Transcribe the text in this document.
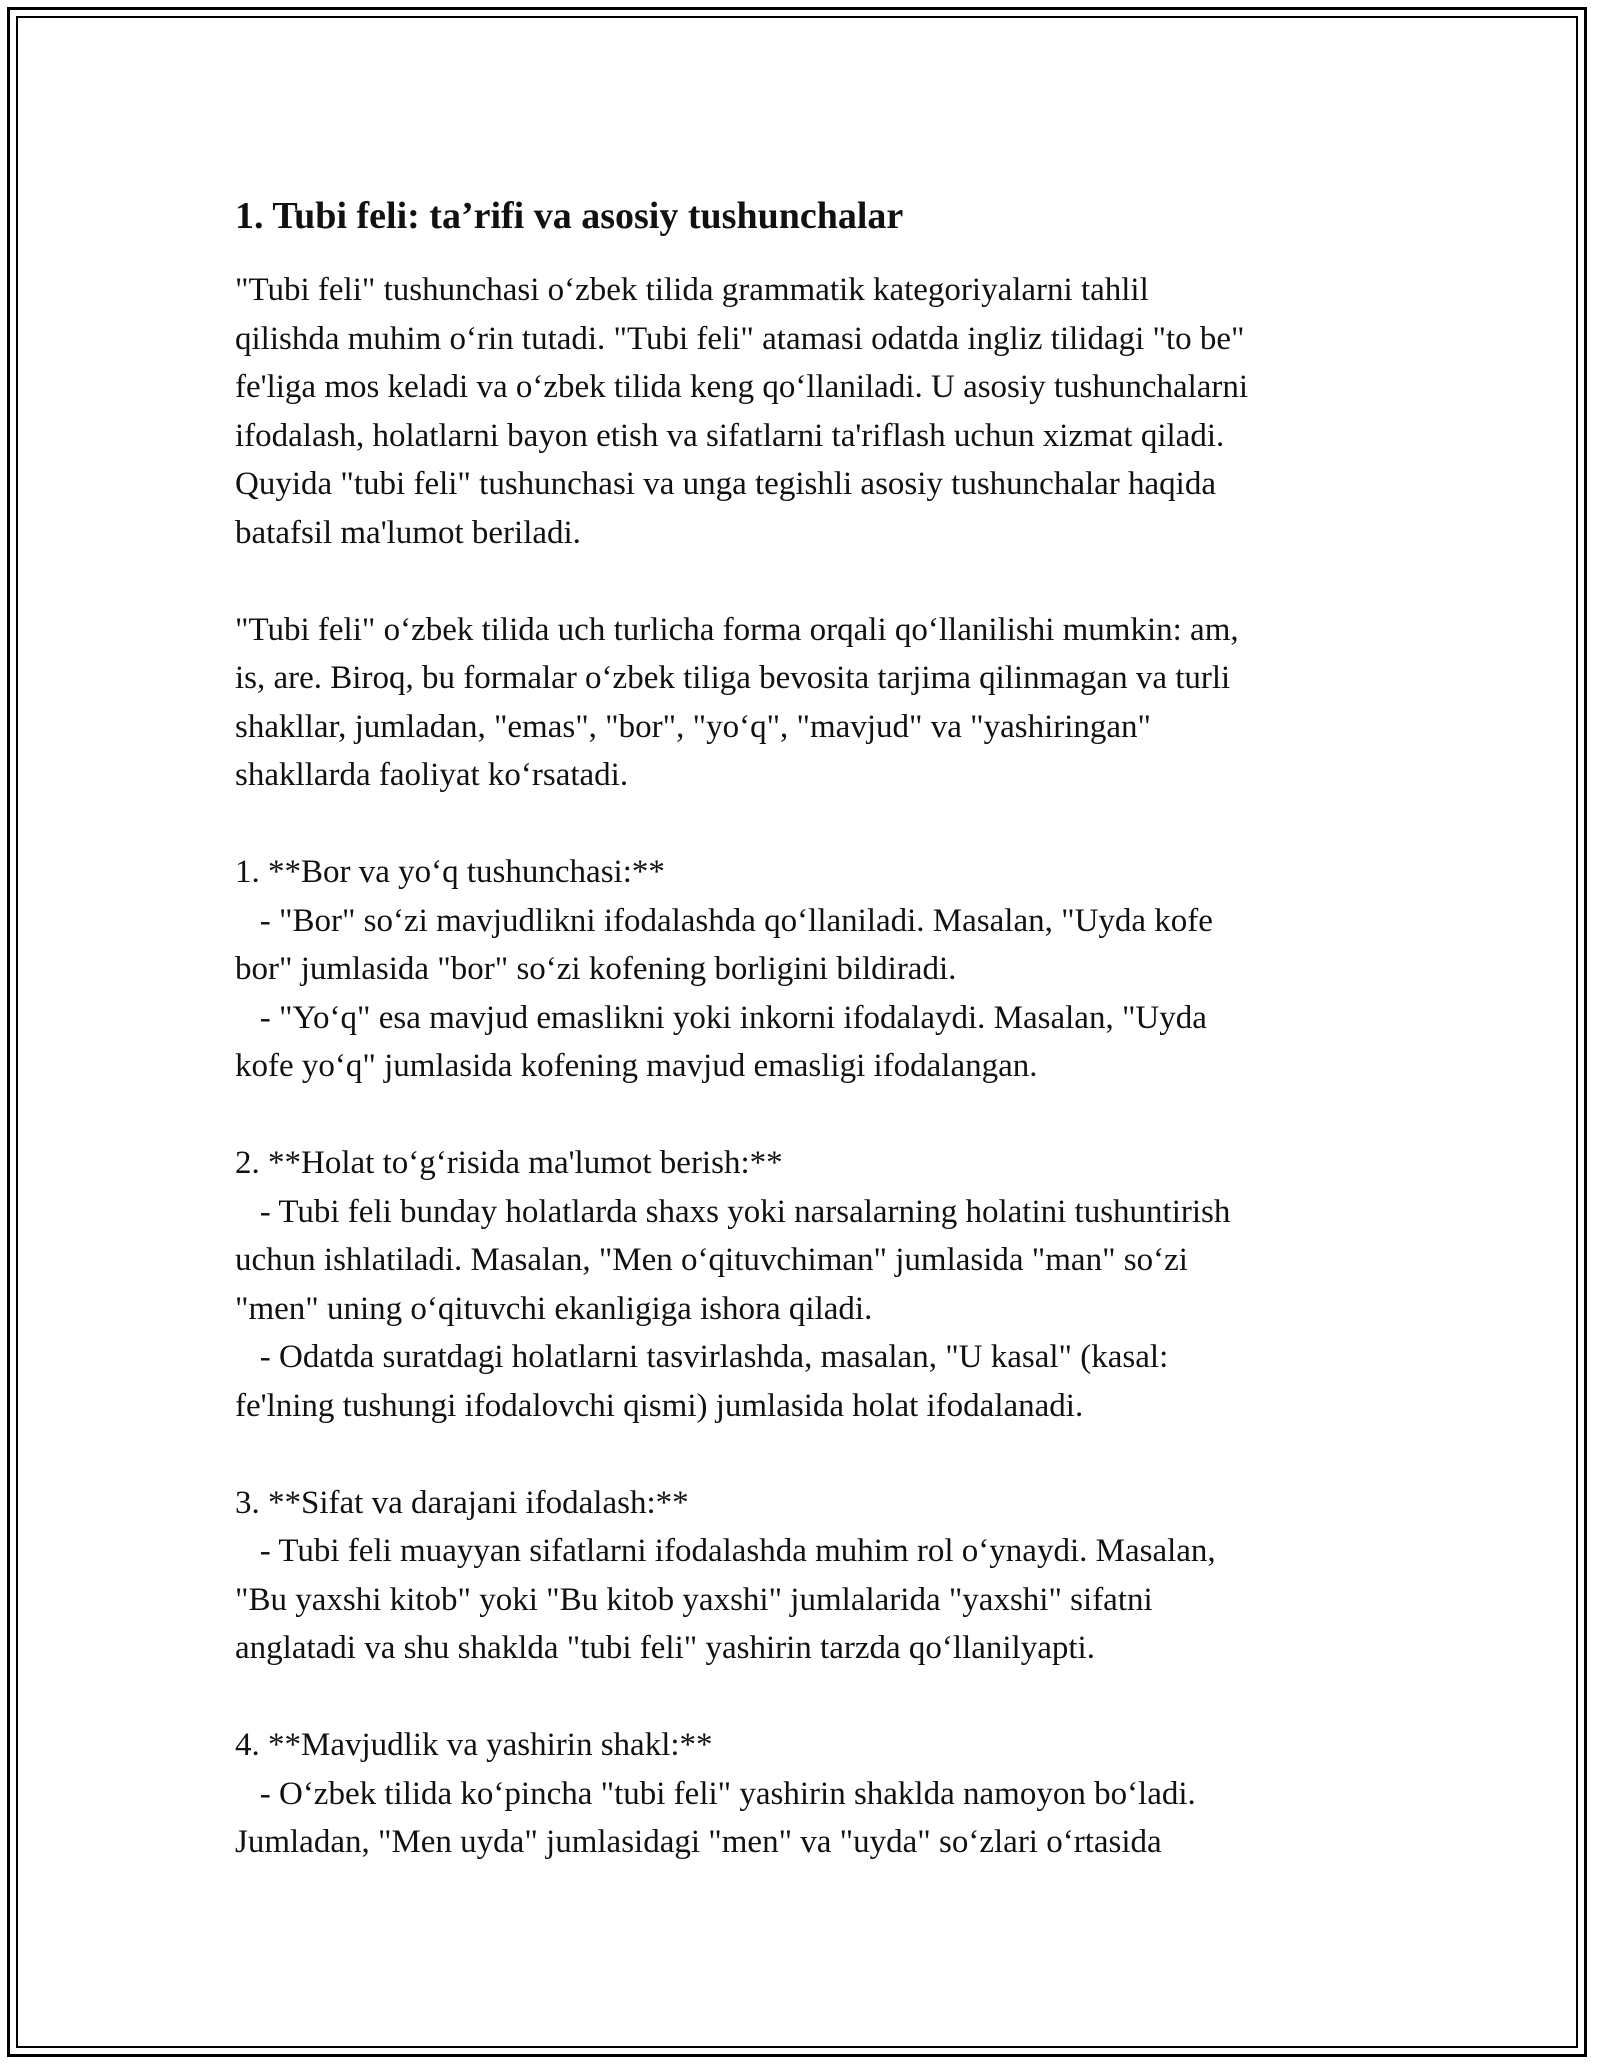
1. Tubi feli: ta’rifi va asosiy tushunchalar

"Tubi feli" tushunchasi oʻzbek tilida grammatik kategoriyalarni tahlil

qilishda muhim oʻrin tutadi. "Tubi feli" atamasi odatda ingliz tilidagi "to be"

fe'liga mos keladi va oʻzbek tilida keng qoʻllaniladi. U asosiy tushunchalarni

ifodalash, holatlarni bayon etish va sifatlarni ta'riflash uchun xizmat qiladi.

Quyida "tubi feli" tushunchasi va unga tegishli asosiy tushunchalar haqida

batafsil ma'lumot beriladi.

"Tubi feli" oʻzbek tilida uch turlicha forma orqali qoʻllanilishi mumkin: am,

is, are. Biroq, bu formalar oʻzbek tiliga bevosita tarjima qilinmagan va turli

shakllar, jumladan, "emas", "bor", "yoʻq", "mavjud" va "yashiringan"

shakllarda faoliyat koʻrsatadi.

1. **Bor va yoʻq tushunchasi:**

- "Bor" soʻzi mavjudlikni ifodalashda qoʻllaniladi. Masalan, "Uyda kofe

bor" jumlasida "bor" soʻzi kofening borligini bildiradi.

- "Yoʻq" esa mavjud emaslikni yoki inkorni ifodalaydi. Masalan, "Uyda

kofe yoʻq" jumlasida kofening mavjud emasligi ifodalangan.

2. **Holat toʻgʻrisida ma'lumot berish:**

- Tubi feli bunday holatlarda shaxs yoki narsalarning holatini tushuntirish

uchun ishlatiladi. Masalan, "Men oʻqituvchiman" jumlasida "man" soʻzi

"men" uning oʻqituvchi ekanligiga ishora qiladi.

- Odatda suratdagi holatlarni tasvirlashda, masalan, "U kasal" (kasal:

fe'lning tushungi ifodalovchi qismi) jumlasida holat ifodalanadi.

3. **Sifat va darajani ifodalash:**

- Tubi feli muayyan sifatlarni ifodalashda muhim rol oʻynaydi. Masalan,

"Bu yaxshi kitob" yoki "Bu kitob yaxshi" jumlalarida "yaxshi" sifatni

anglatadi va shu shaklda "tubi feli" yashirin tarzda qoʻllanilyapti.

4. **Mavjudlik va yashirin shakl:**

- Oʻzbek tilida koʻpincha "tubi feli" yashirin shaklda namoyon boʻladi.

Jumladan, "Men uyda" jumlasidagi "men" va "uyda" soʻzlari oʻrtasida
